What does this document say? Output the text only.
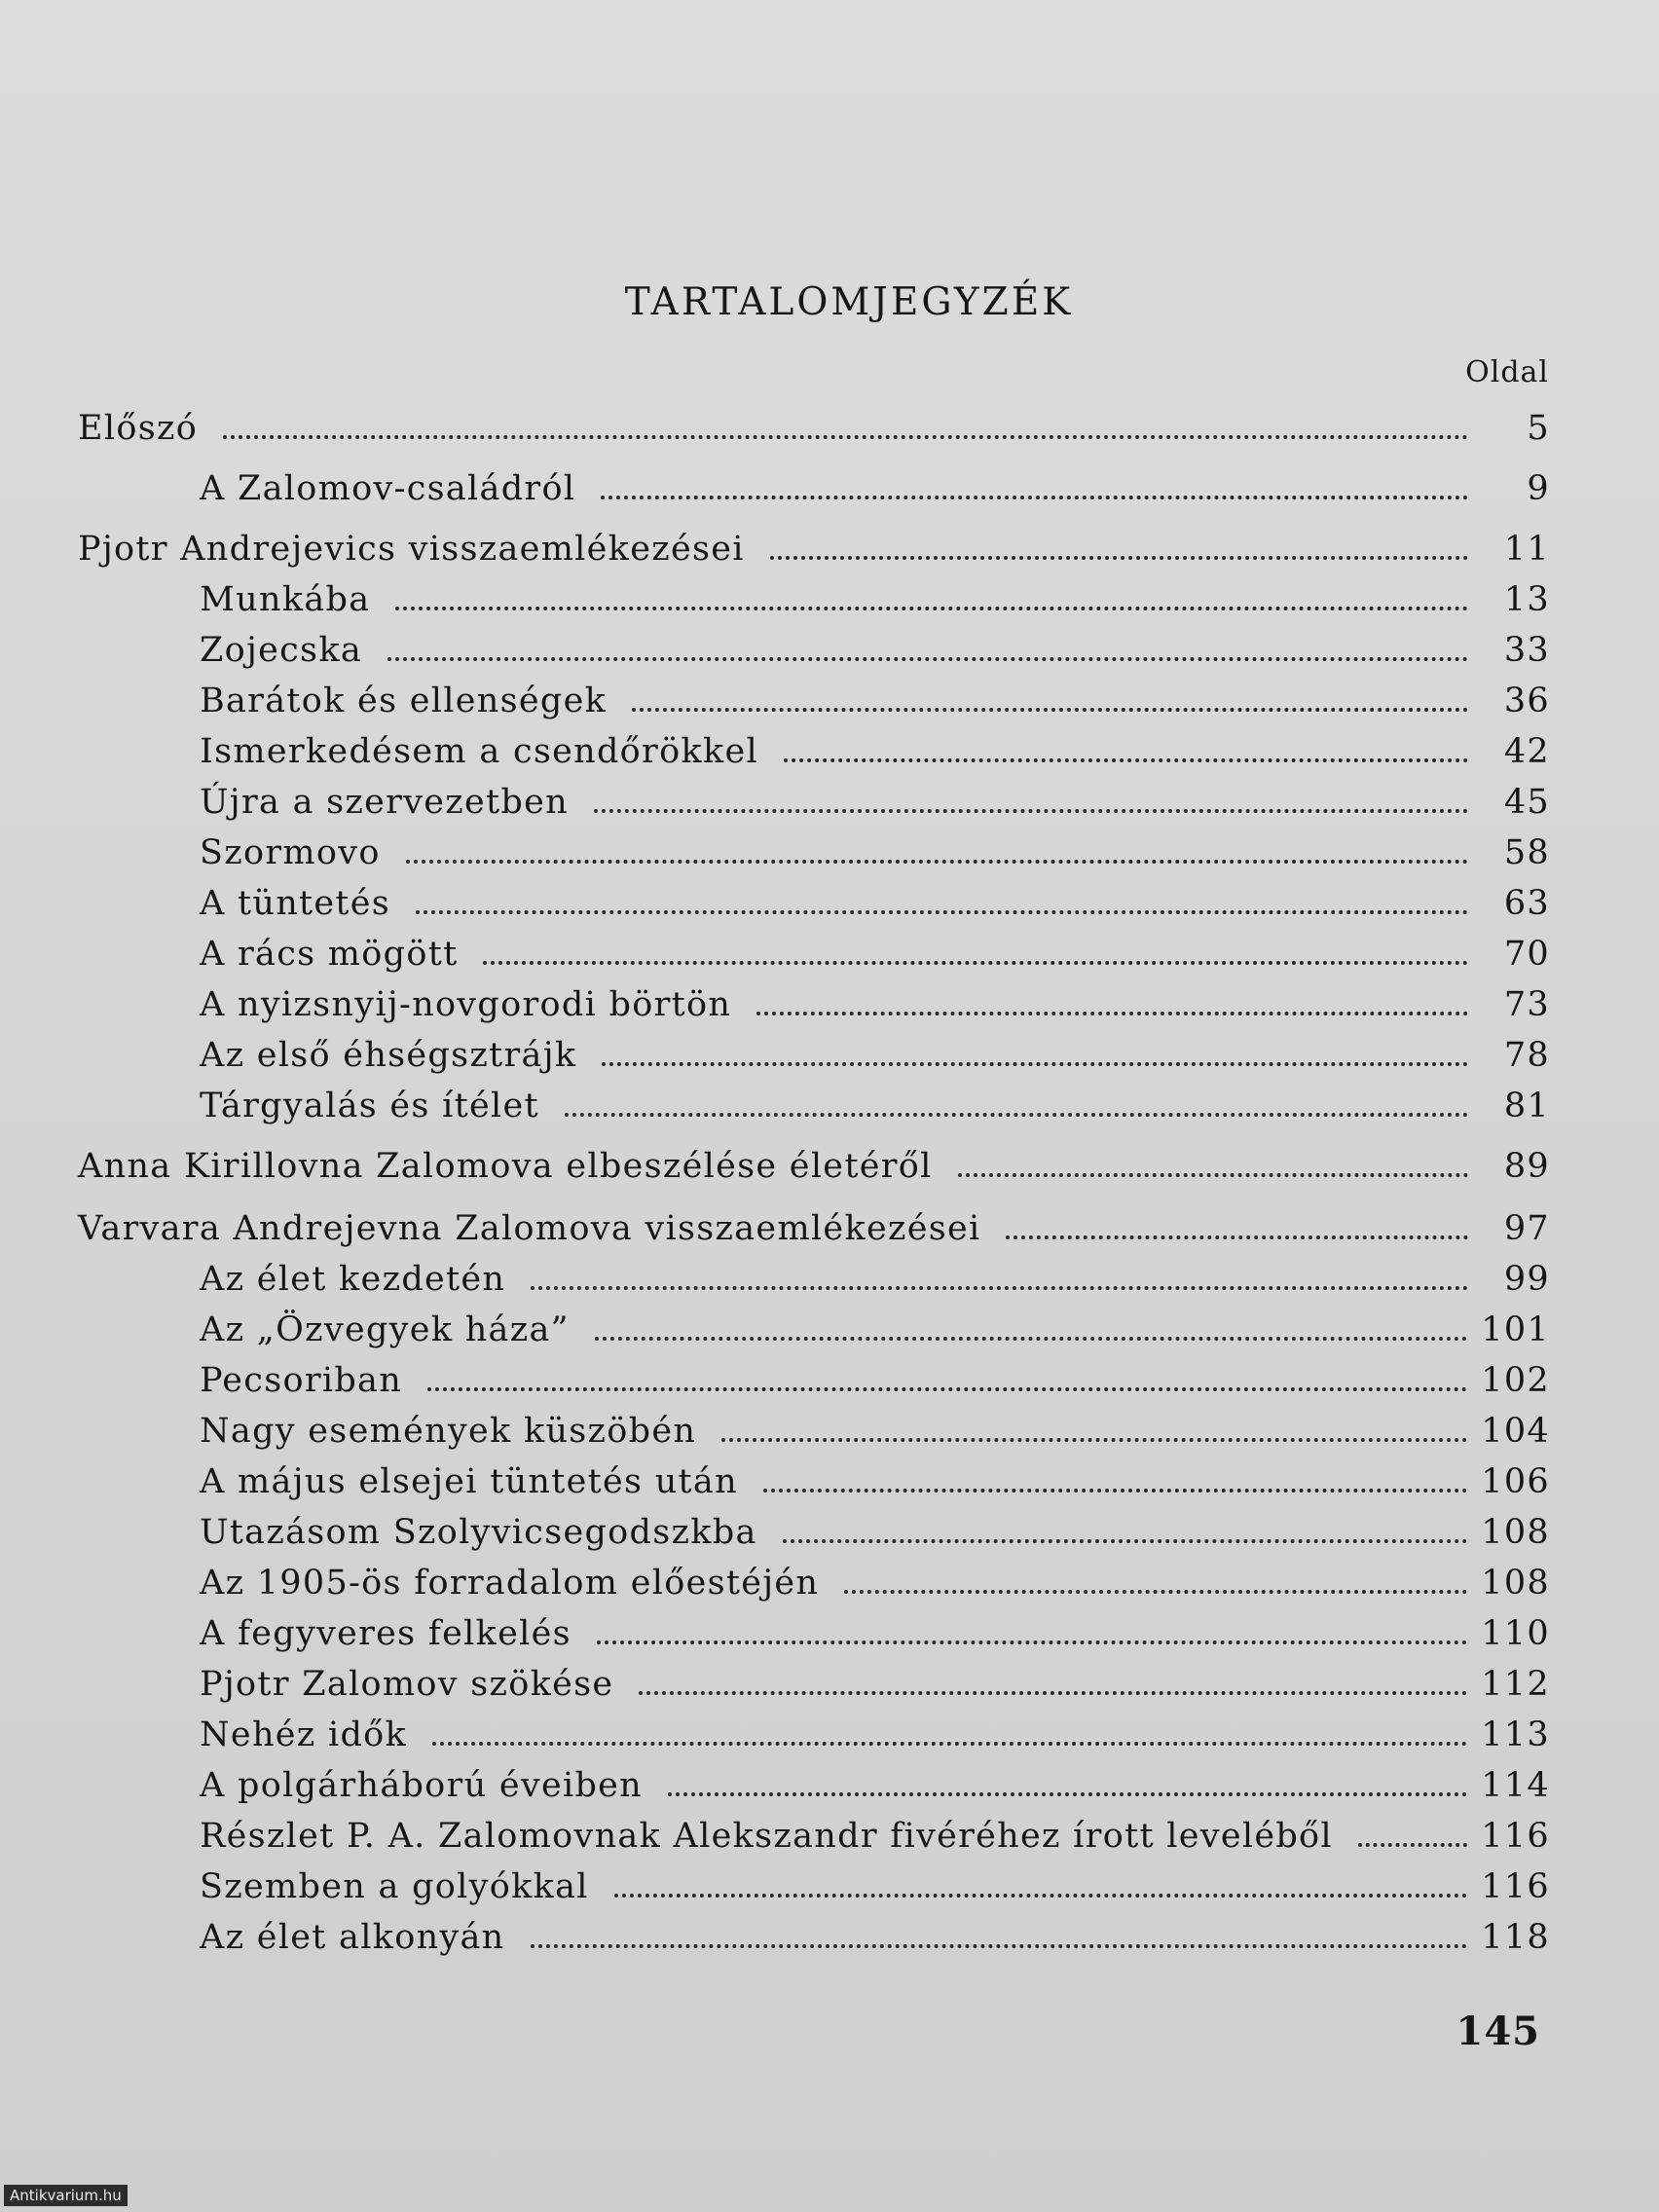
TARTALOMJEGYZÉK
Oldal
Előszó	5
A Zalomov-családról	9
Pjotr Andrejevics visszaemlékezései	11
Munkába	13
Zojecska	33
Barátok és ellenségek	36
Ismerkedésem a csendőrökkel	42
Újra a szervezetben	45
Szormovo	58
A tüntetés	63
A rács mögött	70
A nyizsnyij-novgorodi börtön	73
Az első éhségsztrájk	78
Tárgyalás és ítélet	81
Anna Kirillovna Zalomova elbeszélése életéről	89
Varvara Andrejevna Zalomova visszaemlékezései	97
Az élet kezdetén	99
Az „Özvegyek háza”	101
Pecsoriban	102
Nagy események küszöbén	104
A május elsejei tüntetés után	106
Utazásom Szolyvicsegodszkba	108
Az 1905-ös forradalom előestéjén	108
A fegyveres felkelés	110
Pjotr Zalomov szökése	112
Nehéz idők	113
A polgárháború éveiben	114
Részlet P. A. Zalomovnak Alekszandr fivéréhez írott leveléből	116
Szemben a golyókkal	116
Az élet alkonyán	118
145
Antikvarium.hu
